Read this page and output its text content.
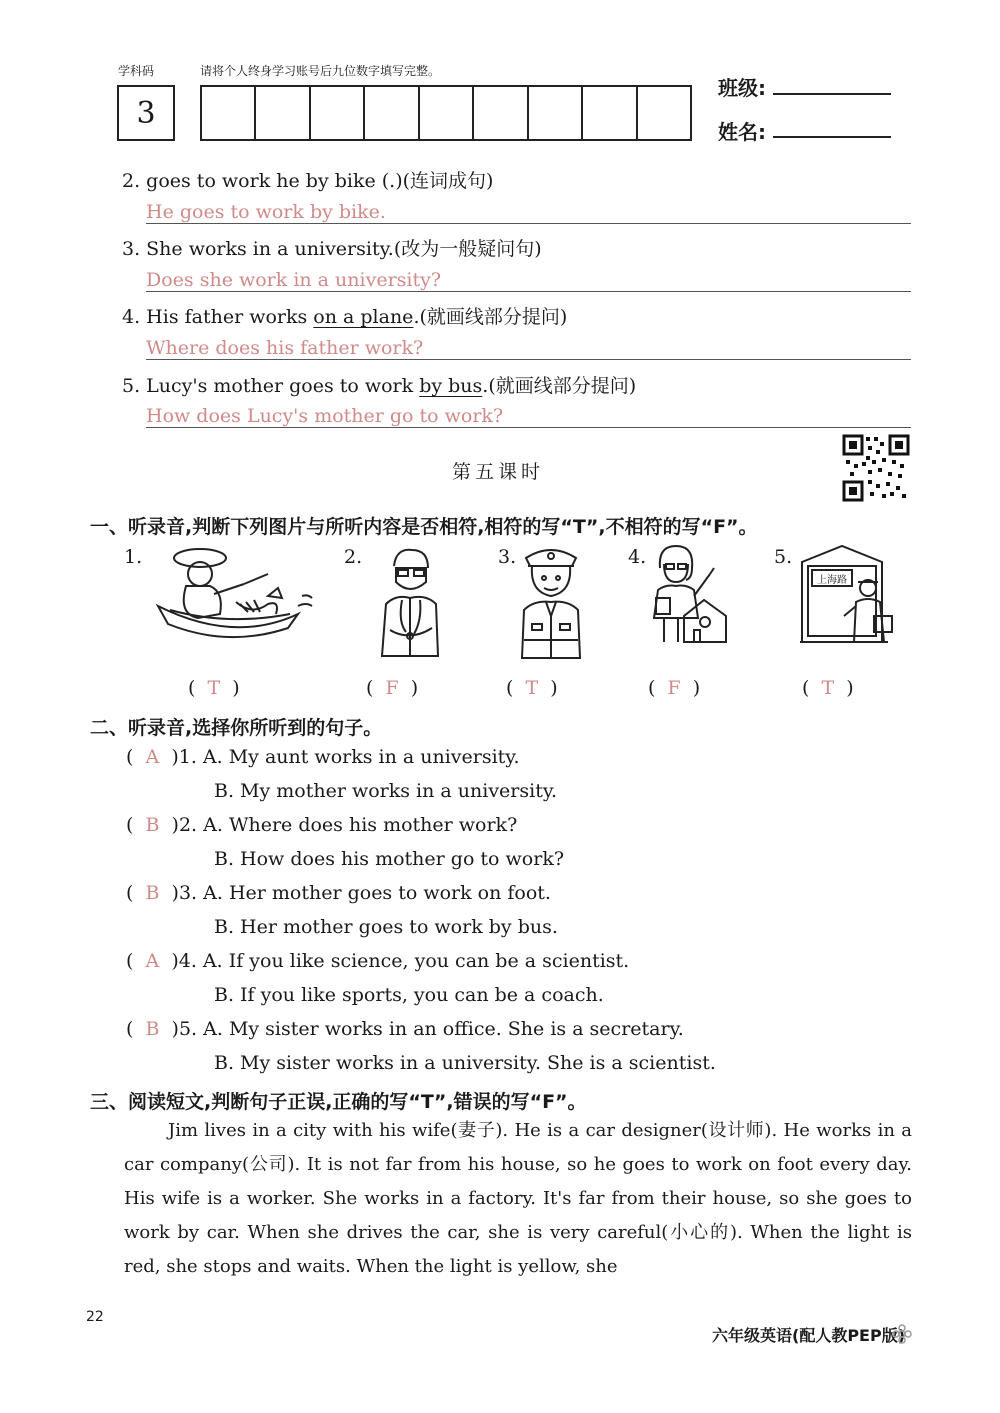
学科码	请将个人终身学习账号后九位数字填写完整。
3
班级:
姓名:
2. goes to work he by bike (.)(连词成句)
He goes to work by bike.
3. She works in a university.(改为一般疑问句)
Does she work in a university?
4. His father works on a plane.(就画线部分提问)
Where does his father work?
5. Lucy's mother goes to work by bus.(就画线部分提问)
How does Lucy's mother go to work?
第五课时
一、听录音,判断下列图片与所听内容是否相符,相符的写“T”,不相符的写“F”。
1.
(  T  )
2.
(  F  )
3.
(  T  )
4.
(  F  )
5.
上海路
(  T  )
二、听录音,选择你所听到的句子。
(  A  )1. A. My aunt works in a university.
B. My mother works in a university.
(  B  )2. A. Where does his mother work?
B. How does his mother go to work?
(  B  )3. A. Her mother goes to work on foot.
B. Her mother goes to work by bus.
(  A  )4. A. If you like science, you can be a scientist.
B. If you like sports, you can be a coach.
(  B  )5. A. My sister works in an office. She is a secretary.
B. My sister works in a university. She is a scientist.
三、阅读短文,判断句子正误,正确的写“T”,错误的写“F”。
Jim lives in a city with his wife(妻子). He is a car designer(设计师). He works in a car company(公司). It is not far from his house, so he goes to work on foot every day. His wife is a worker. She works in a factory. It's far from their house, so she goes to work by car. When she drives the car, she is very careful(小心的). When the light is red, she stops and waits. When the light is yellow, she
22
六年级英语(配人教PEP版)
